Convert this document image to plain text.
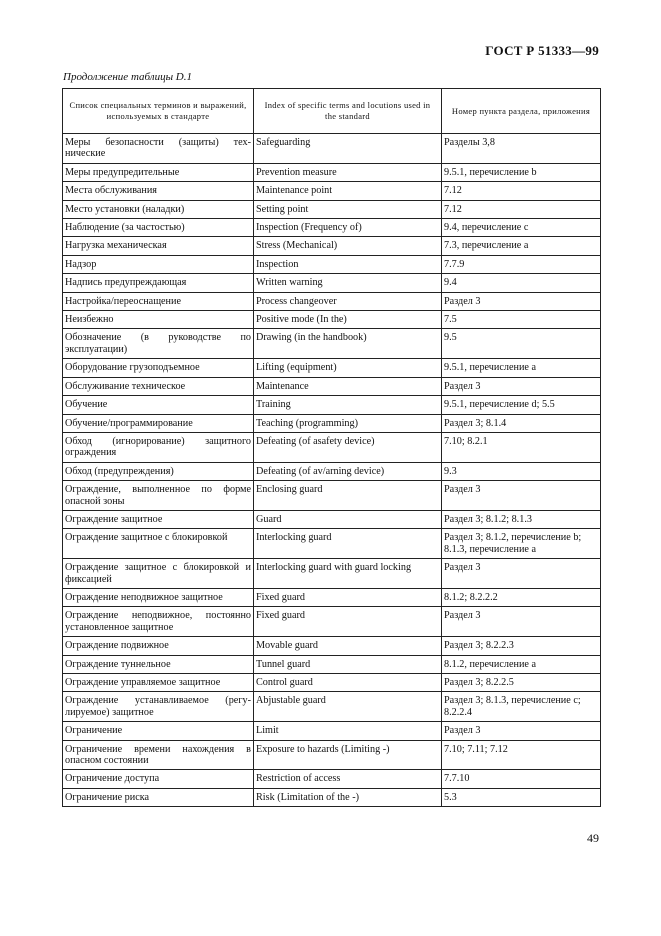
ГОСТ Р 51333—99
Продолжение таблицы D.1
Список специальных терминов и выражений, используемых в стандарте	Index of specific terms and locutions used in the standard	Номер пункта раздела, приложения
Меры безопасности (защиты) тех-нические	Safeguarding	Разделы 3,8
Меры предупредительные	Prevention measure	9.5.1, перечисление b
Места обслуживания	Maintenance point	7.12
Место установки (наладки)	Setting point	7.12
Наблюдение (за частостью)	Inspection (Frequency of)	9.4, перечисление с
Нагрузка механическая	Stress (Mechanical)	7.3, перечисление а
Надзор	Inspection	7.7.9
Надпись предупреждающая	Written warning	9.4
Настройка/переоснащение	Process changeover	Раздел 3
Неизбежно	Positive mode (In the)	7.5
Обозначение (в руководстве по эксплуатации)	Drawing (in the handbook)	9.5
Оборудование грузоподъемное	Lifting (equipment)	9.5.1, перечисление а
Обслуживание техническое	Maintenance	Раздел 3
Обучение	Training	9.5.1, перечисление d; 5.5
Обучение/программирование	Teaching (programming)	Раздел 3; 8.1.4
Обход (игнорирование) защитного ограждения	Defeating (of asafety device)	7.10; 8.2.1
Обход (предупреждения)	Defeating (of av/arning device)	9.3
Ограждение, выполненное по форме опасной зоны	Enclosing guard	Раздел 3
Ограждение защитное	Guard	Раздел 3; 8.1.2; 8.1.3
Ограждение защитное с блокировкой	Interlocking guard	Раздел 3; 8.1.2, перечисление b; 8.1.3, перечисление а
Ограждение защитное с блокировкой и фиксацией	Interlocking guard with guard locking	Раздел 3
Ограждение неподвижное защитное	Fixed guard	8.1.2; 8.2.2.2
Ограждение неподвижное, постоянно установленное защитное	Fixed guard	Раздел 3
Ограждение подвижное	Movable guard	Раздел 3; 8.2.2.3
Ограждение туннельное	Tunnel guard	8.1.2, перечисление а
Ограждение управляемое защитное	Control guard	Раздел 3; 8.2.2.5
Ограждение устанавливаемое (регу-лируемое) защитное	Abjustable guard	Раздел 3; 8.1.3, перечисление с; 8.2.2.4
Ограничение	Limit	Раздел 3
Ограничение времени нахождения в опасном состоянии	Exposure to hazards (Limiting -)	7.10; 7.11; 7.12
Ограничение доступа	Restriction of access	7.7.10
Ограничение риска	Risk (Limitation of the -)	5.3
49
